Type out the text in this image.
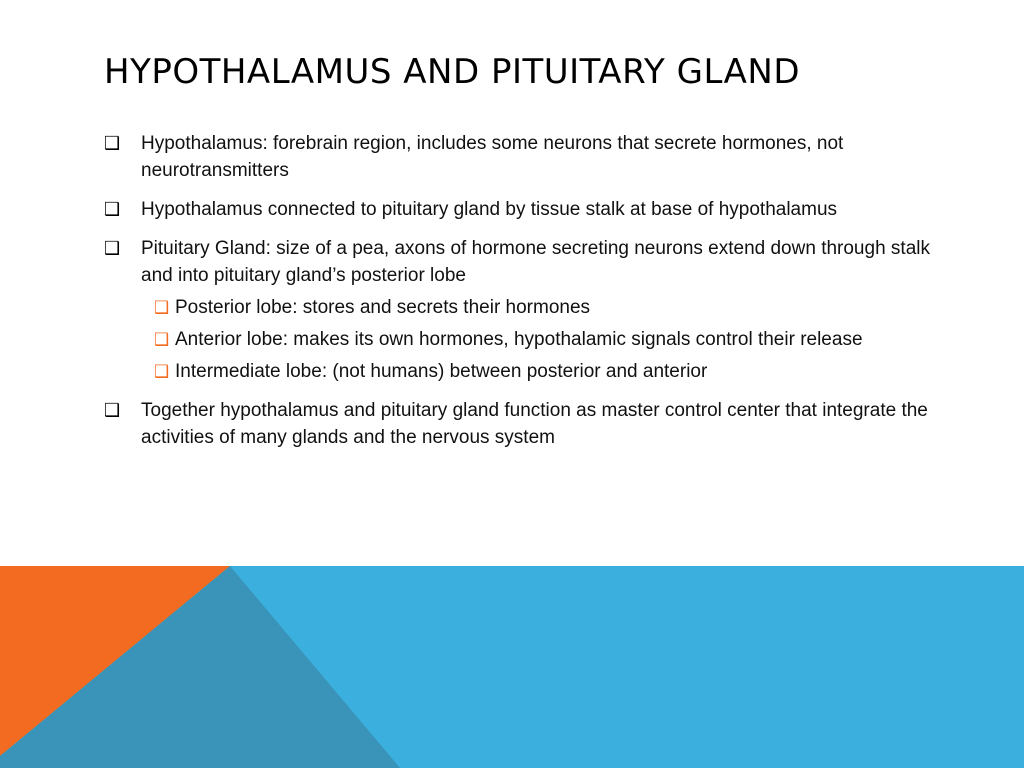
HYPOTHALAMUS AND PITUITARY GLAND
❑ Hypothalamus: forebrain region, includes some neurons that secrete hormones, not neurotransmitters
❑ Hypothalamus connected to pituitary gland by tissue stalk at base of hypothalamus
❑ Pituitary Gland: size of a pea, axons of hormone secreting neurons extend down through stalk and into pituitary gland’s posterior lobe
❑ Posterior lobe: stores and secrets their hormones
❑ Anterior lobe: makes its own hormones, hypothalamic signals control their release
❑ Intermediate lobe: (not humans) between posterior and anterior
❑ Together hypothalamus and pituitary gland function as master control center that integrate the activities of many glands and the nervous system
